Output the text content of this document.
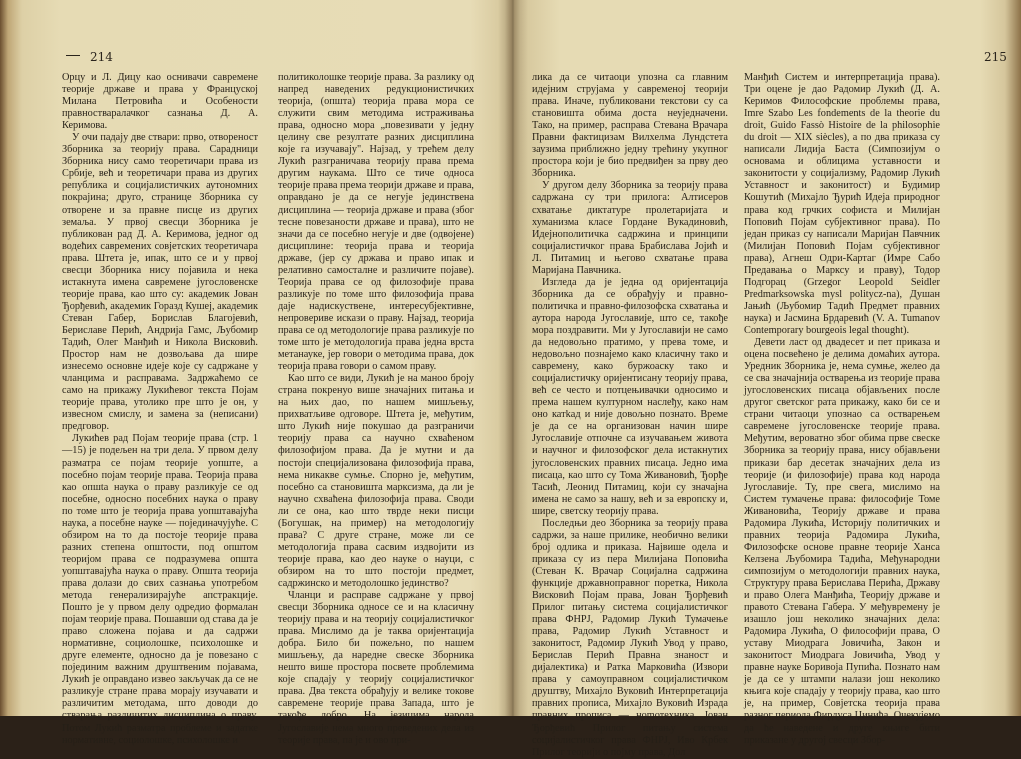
214

Орцу и Л. Дицу као оснивачи савремене теорије државе и права у Француској Милана Петровића и Особености правностваралачког сазнања Д. А. Керимова.

У очи падају две ствари: прво, отвореност Зборника за теорију права. Сарадници Зборника нису само теоретичари права из Србије, већ и теоретичари права из других република и социјалистичких аутономних покрајина; друго, странице Зборника су отворене и за правне писце из других земаља. У првој свесци Зборника је публикован рад Д. А. Керимова, једног од водећих савремених совјетских теоретичара права. Штета је, ипак, што се и у првој свесци Зборника нису појавила и нека истакнута имена савремене југословенске теорије права, као што су: академик Јован Ђорђевић, академик Горазд Кушеј, академик Стеван Габер, Борислав Благојевић, Бериславе Перић, Андрија Гамс, Љубомир Тадић, Олег Манђић и Никола Висковић. Простор нам не дозвољава да шире изнесемо основне идеје које су садржане у чланцима и расправама. Задржаћемо се само на прикажу Лукићевог текста Појам теорије права, утолико пре што је он, у извесном смислу, и замена за (неписани) предговор.

Лукићев рад Појам теорије права (стр. 1—15) је подељен на три дела. У првом делу разматра се појам теорије уопште, а посебно појам теорије права. Теорија права као опшtа наука о праву разликује се од посебне, односно посебних наука о праву по томе што је теорија права уопштавајућа наука, а посебне науке — појединачујуће. С обзиром на то да постоје теорије права разних степена општости, под општом теоријом права се подразумева општа уопштавајућа наука о праву. Општа теорија права долази до свих сазнања употребом метода генерализирајуће апстракције. Пошто је у првом делу одредио формалан појам теорије права. Пошавши од става да је право сложена појава и да садржи нормативне, социолошке, психолошке и друге елементе, односно да је повезано с појединим важним друштвеним појавама, Лукић је оправдано извео закључак да се не разликује стране права морају изучавати и различитим методама, што доводи до стварања различитих дисциплина о праву. Потом Лукић разматра проблеме и задатке нормативне, социолошке, психолошке и

политиколошке теорије права. За разлику од напред наведених редукционистичких теорија, (општа) теорија права мора се служити свим методима истраживања права, односно мора „повезивати у једну целину све резултате разних дисциплина које га изучавају". Најзад, у трећем делу Лукић разграничава теорију права према другим наукама. Што се тиче односа теорије права према теорији државе и права, оправдано је да се негује јединствена дисциплина — теорија државе и права (због тесне повезаности државе и права), што не значи да се посебно негује и две (одвојене) дисциплине: теорија права и теорија државе, (јер су држава и право ипак и релативно самосталне и различите појаве). Теорија права се од филозофије права разликује по томе што филозофија права даје надискуствене, интересубјективне, непровериве искази о праву. Најзад, теорија права се од методологије права разликује по томе што је методологија права једна врста метанауке, јер говори о методима права, док теорија права говори о самом праву.

Као што се види, Лукић је на мaнoo броју страна покренуо више значајних питања и на њих дао, по нашем мишљењу, прихватљиве одговоре. Штета је, међутим, што Лукић није покушао да разграничи теорију права са научно схваћеном филозофијом права. Да је мутни и да постоји специјализована филозофија права, нема никакве сумње. Спорно је, међутим, посебно са становишта марксизма, да ли је научно схваћена филозофија права. Своди ли се она, као што тврде неки писци (Богушак, на пример) на методологију права? С друге стране, може ли се методологија права сасвим издвојити из теорије права, као део науке о науци, с обзиром на то што постоји предмет, садржинско и методолошко јединство?

Чланци и расправе садржане у првој свесци Зборника односе се и на класичну теорију права и на теорију социјалистичког права. Мислимо да је таква оријентација добра. Било би пожељно, по нашем мишљењу, да наредне свеске Зборника нешто више простора посвете проблемима које спадају у теорију социјалистичког права. Два текста обрађују и велике токове савремене теорије права Запада, што је такође добро. На језицима народа Југославије нема много преведених дела из теорије права, па је и ово при-

215

лика да се читаоци упозна са главним идејним струјама у савременој теорији права. Иначе, публиковани текстови су са становишта обима доста неуједначени. Тако, на пример, расправа Стевана Врачара Правни фактицизам Вилхелма Лундстета заузима приближно једну трећину укупног простора који је био предвиђен за прву део Зборника.

У другом делу Зборника за теорију права садржана су три прилога: Алтисеров схватање диктатуре пролетаријата и хуманизма класе Гордане Вукадиновић, Идејнополитичка садржина и принципи социјалистичког права Брабислава Јојић и Л. Питамиц и његово схватање права Маријана Павчника.

Изгледа да је једна од оријентација Зборника да се обрађују и правно-политичка и правно-филозофска схватања и аутора народа Југославије, што се, такође мора поздравити. Ми у Југославији не само да недовољно пратимо, у прева томе, и недовољно познајемо како класичну тако и савремену, како буржоаску тако и социјалистичку оријентисану теорију права, већ се често и потцењивачки односимо и према нашем културном наслеђу, како нам оно катkад и није довољно познато. Време је да се на организован начин шире Југославије отпочне са изучавањем живота и научног и филозофског дела истакнутих југословенских правних писаца. Једно има писаца, као што су Тома Живановић, Ђорђе Тасић, Леонид Питамиц, који су значајна имена не само за нашу, већ и за европску и, шире, светску теорију права.

Последњи део Зборника за теорију права садржи, за наше прилике, необично велики број одлика и приказа. Највише одела и приказа су из пера Милијана Поповића (Стеван К. Врачар Социјална садржина функције државноправног поретка, Никола Висковић Појам права, Јован Ђорђевић Прилог питању система социјалистичког права ФНРЈ, Радомир Лукић Тумачење права, Радомир Лукић Уставност и законитост, Радомир Лукић Увод у право, Берислав Перић Правна знаност и дијалектика) и Ратка Марковића (Извори права у самоуправном социјалистичком друштву, Михајло Вуковић Интерпретација правних прописа, Михајло Вуковић Израда правних прописа — нomотехника, Јован Ђорђевић Прилог питању система социјалистичког права ФНРЈ, Иво Крбек Прилог теорији о појму права, Дол

Манђић Систем и интерпретација права). Три оцене је дао Радомир Лукић (Д. А. Керимов Философские проблемы права, Imre Szabo Les fondements de la theorie du droit, Guido Fassò Histoire de la philosophie du droit — XIX siècles), а по два приказа су написали Лидија Баста (Симпозијум о основама и облицима уставности и законитости у социјализму, Радомир Лукић Уставност и законитост) и Будимир Кошутић (Михајло Ђурић Идеја природног права код грчких софиста и Милијан Поповић Појам субјективног права). По један приказ су написали Маријан Павчник (Милијан Поповић Појам субјективног права), Агнеш Одри-Картаг (Имре Сабо Предавања о Марксу и праву), Тодор Подгорац (Grzegor Leopold Seidler Predmarksowska mysl politycz-na), Душан Јањић (Љубомир Тадић Предмет правних наука) и Јасмина Брдаревић (V. A. Tumanov Contemporary bourgeois legal thought).

Девети ласт од двадесет и пет приказа и оцена посвећено је делима домаћих аутора. Уредник Зборника је, нема сумње, желео да се сва значајнија остварења из теорије права југословенских писаца објављених после другог светског рата прикажу, како би се и страни читаоци упознао са остварењем савремене југословенске теорије права. Међутим, вероватно због обима прве свеске Зборника за теорију права, нису објављени прикази бар десетак значајних дела из теорије (и филозофије) права код народа Југославије. Ту, пре свега, мислимо на Систем тумачење права: философије Томе Живановића, Теорију државе и права Радомира Лукића, Историју политичких и правних теорија Радомира Лукића, Филозофске основе правне теорије Ханса Келзена Љубомира Тадића, Међународни симпозијум о методологији правних наука, Структуру права Берислава Перића, Државу и право Олега Манђића, Теорију државе и правото Стевана Габера. У међувремену је изашло још неколико значајних дела: Радомира Лукића, О философији права, О уставу Миодрага Јовичића, Закон и законитост Миодрага Јовичића, Увод у правне науке Боривоја Пупића. Познато нам је да се у штампи налази још неколико књига које спадају у теорију права, као што је, на пример, Совјетска теорија права разног периода Фирдуса Џинића. Очекујемо да ће наведене и друге књиге бити приказане у другој свесци Збор-
